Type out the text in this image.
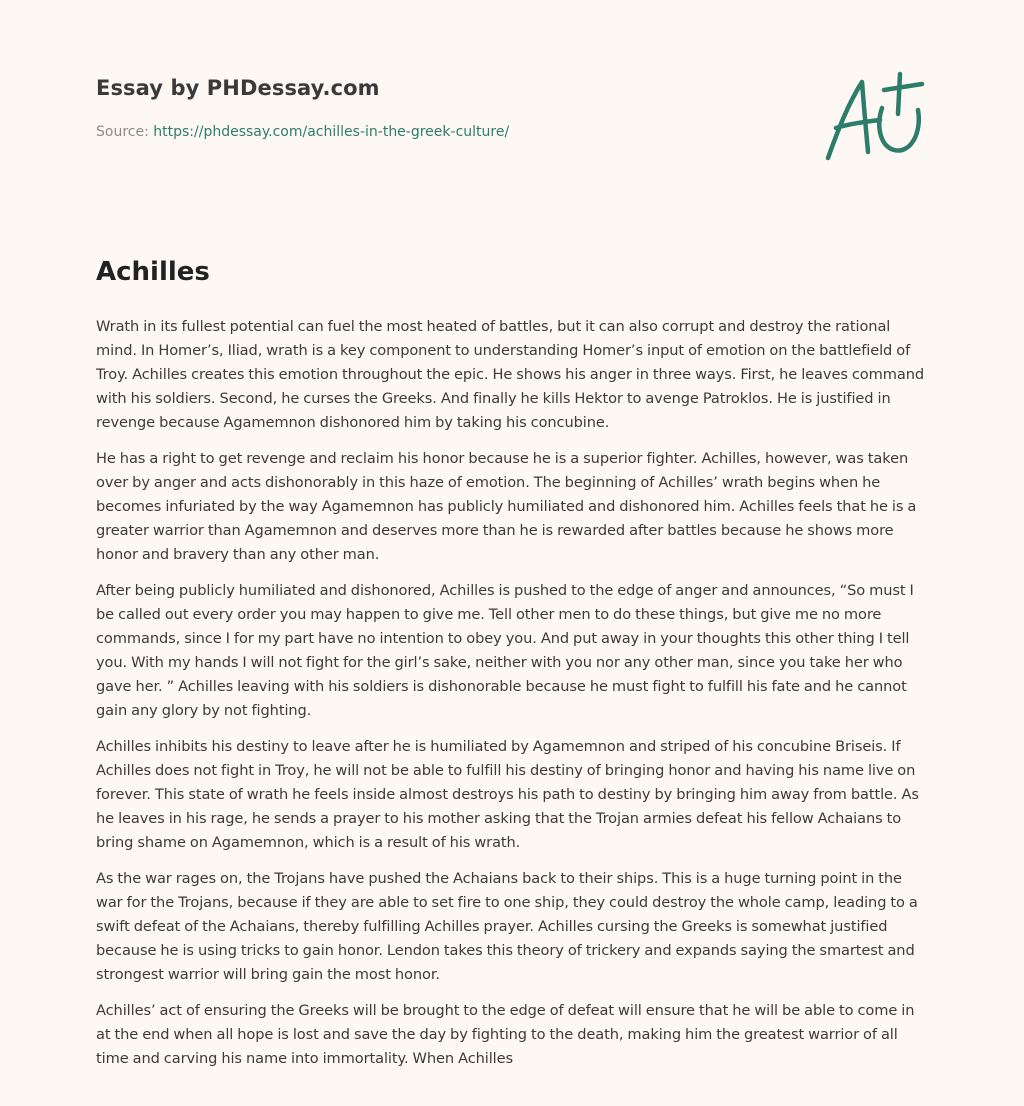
Essay by PHDessay.com
Source: https://phdessay.com/achilles-in-the-greek-culture/
Achilles

Wrath in its fullest potential can fuel the most heated of battles, but it can also corrupt and destroy the rational mind. In Homer’s, Iliad, wrath is a key component to understanding Homer’s input of emotion on the battlefield of Troy. Achilles creates this emotion throughout the epic. He shows his anger in three ways. First, he leaves command with his soldiers. Second, he curses the Greeks. And finally he kills Hektor to avenge Patroklos. He is justified in revenge because Agamemnon dishonored him by taking his concubine.

He has a right to get revenge and reclaim his honor because he is a superior fighter. Achilles, however, was taken over by anger and acts dishonorably in this haze of emotion. The beginning of Achilles’ wrath begins when he becomes infuriated by the way Agamemnon has publicly humiliated and dishonored him. Achilles feels that he is a greater warrior than Agamemnon and deserves more than he is rewarded after battles because he shows more honor and bravery than any other man.

After being publicly humiliated and dishonored, Achilles is pushed to the edge of anger and announces, “So must I be called out every order you may happen to give me. Tell other men to do these things, but give me no more commands, since I for my part have no intention to obey you. And put away in your thoughts this other thing I tell you. With my hands I will not fight for the girl’s sake, neither with you nor any other man, since you take her who gave her. ” Achilles leaving with his soldiers is dishonorable because he must fight to fulfill his fate and he cannot gain any glory by not fighting.

Achilles inhibits his destiny to leave after he is humiliated by Agamemnon and striped of his concubine Briseis. If Achilles does not fight in Troy, he will not be able to fulfill his destiny of bringing honor and having his name live on forever. This state of wrath he feels inside almost destroys his path to destiny by bringing him away from battle. As he leaves in his rage, he sends a prayer to his mother asking that the Trojan armies defeat his fellow Achaians to bring shame on Agamemnon, which is a result of his wrath.

As the war rages on, the Trojans have pushed the Achaians back to their ships. This is a huge turning point in the war for the Trojans, because if they are able to set fire to one ship, they could destroy the whole camp, leading to a swift defeat of the Achaians, thereby fulfilling Achilles prayer. Achilles cursing the Greeks is somewhat justified because he is using tricks to gain honor. Lendon takes this theory of trickery and expands saying the smartest and strongest warrior will bring gain the most honor.

Achilles’ act of ensuring the Greeks will be brought to the edge of defeat will ensure that he will be able to come in at the end when all hope is lost and save the day by fighting to the death, making him the greatest warrior of all time and carving his name into immortality. When Achilles
